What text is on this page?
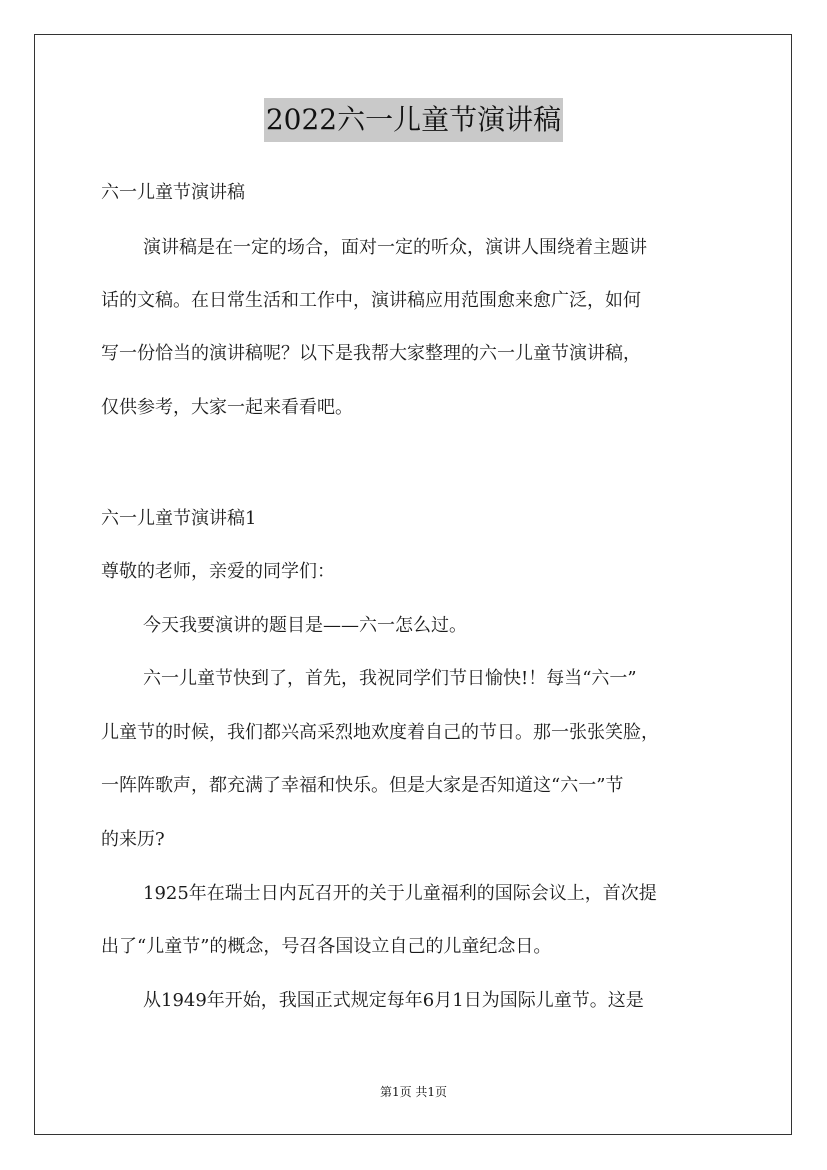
2022六一儿童节演讲稿
六一儿童节演讲稿
演讲稿是在一定的场合，面对一定的听众，演讲人围绕着主题讲
话的文稿。在日常生活和工作中，演讲稿应用范围愈来愈广泛，如何
写一份恰当的演讲稿呢？以下是我帮大家整理的六一儿童节演讲稿，
仅供参考，大家一起来看看吧。
六一儿童节演讲稿1
尊敬的老师，亲爱的同学们：
今天我要演讲的题目是——六一怎么过。
六一儿童节快到了，首先，我祝同学们节日愉快!！每当“六一”
儿童节的时候，我们都兴高采烈地欢度着自己的节日。那一张张笑脸，
一阵阵歌声，都充满了幸福和快乐。但是大家是否知道这“六一”节
的来历?
1925年在瑞士日内瓦召开的关于儿童福利的国际会议上，首次提
出了“儿童节”的概念，号召各国设立自己的儿童纪念日。
从1949年开始，我国正式规定每年6月1日为国际儿童节。这是
第1页 共1页
